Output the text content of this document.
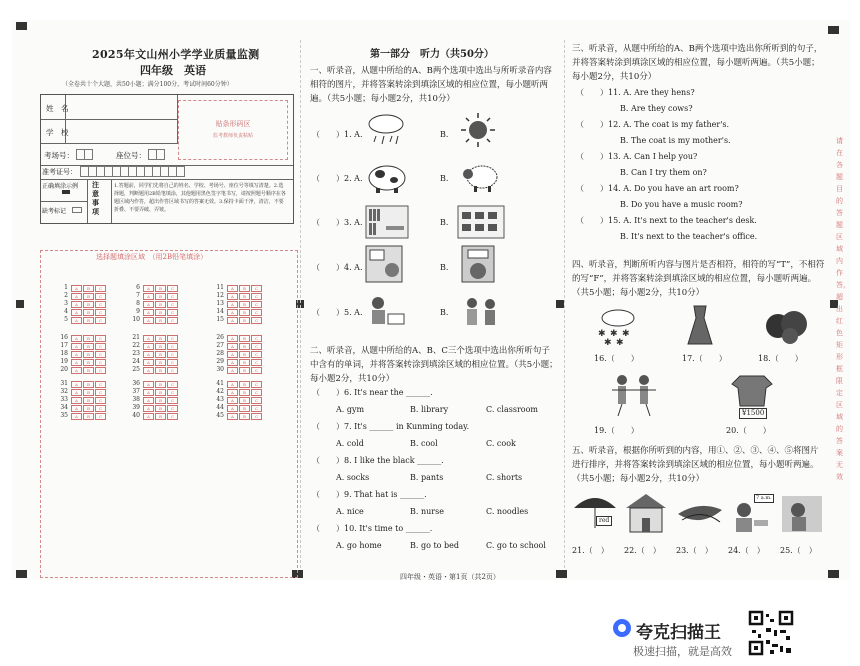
2025年文山州小学学业质量监测
四年级　英语
（全卷共十个大题，共50小题；满分100分，考试时间60分钟）
姓　名
学　校
考场号：	座位号：
准考证号：
正确填涂示例
缺考标记
注意事项
1.答题前，同学们先将自己的姓名、学校、考场号、座位号等填写清楚。2.选择题，判断题用2B铅笔填涂，其他题用黑色签字笔书写，请按照题号顺序在各题区域内作答，超出作答区域书写的答案无效。3.保持卡面干净，清洁，不要折叠、不要弄破、弄皱。
贴条形码区
监考教师负责粘贴
选择题填涂区域　（用2B铅笔填涂）
1	A	B	C
2	A	B	C
3	A	B	C
4	A	B	C
5	A	B	C
6	A	B	C
7	A	B	C
8	A	B	C
9	A	B	C
10	A	B	C
11	A	B	C
12	A	B	C
13	A	B	C
14	A	B	C
15	A	B	C
16	A	B	C
17	A	B	C
18	A	B	C
19	A	B	C
20	A	B	C
21	A	B	C
22	A	B	C
23	A	B	C
24	A	B	C
25	A	B	C
26	A	B	C
27	A	B	C
28	A	B	C
29	A	B	C
30	A	B	C
31	A	B	C
32	A	B	C
33	A	B	C
34	A	B	C
35	A	B	C
36	A	B	C
37	A	B	C
38	A	B	C
39	A	B	C
40	A	B	C
41	A	B	C
42	A	B	C
43	A	B	C
44	A	B	C
45	A	B	C
第一部分　听力（共50分）
一、听录音，从题中所给的A、B两个选项中选出与所听录音内容相符的图片，并将答案转涂到填涂区域的相应位置，每小题听两遍。（共5小题；每小题2分，共10分）
（　　）1. A.
（　　）2. A.
（　　）3. A.
（　　）4. A.
（　　）5. A.
B.
B.
B.
B.
B.
二、听录音，从题中所给的A、B、C三个选项中选出你所听句子中含有的单词，并将答案转涂到填涂区域的相应位置。（共5小题；每小题2分，共10分）
（　　）6. It's near the ______.
A. gym	B. library	C. classroom
（　　）7. It's ______ in Kunming today.
A. cold	B. cool	C. cook
（　　）8. I like the black ______.
A. socks	B. pants	C. shorts
（　　）9. That hat is ______.
A. nice	B. nurse	C. noodles
（　　）10. It's time to ______.
A. go home	B. go to bed	C. go to school
三、听录音，从题中所给的A、B两个选项中选出你所听到的句子，并将答案转涂到填涂区域的相应位置，每小题听两遍。（共5小题；每小题2分，共10分）
（　　）11. A. Are they hens?
B. Are they cows?
（　　）12. A. The coat is my father's.
B. The coat is my mother's.
（　　）13. A. Can I help you?
B. Can I try them on?
（　　）14. A. Do you have an art room?
B. Do you have a music room?
（　　）15. A. It's next to the teacher's desk.
B. It's next to the teacher's office.
四、听录音，判断所听内容与图片是否相符，相符的写“T”，不相符的写“F”，并将答案转涂到填涂区域的相应位置，每小题听两遍。（共5小题；每小题2分，共10分）
✱ ✱ ✱
✱ ✱
16.（　　）	17.（　　）	18.（　　）
¥1500
19.（　　）	20.（　　）
五、听录音，根据你所听到的内容，用①、②、③、④、⑤将图片进行排序，并将答案转涂到填涂区域的相应位置，每小题听两遍。（共5小题；每小题2分，共10分）
red
7 a.m.
21.（　） 22.（　） 23.（　） 24.（　） 25.（　）
四年级・英语・第1页（共2页）
请在各题目的答题区域内作答，超出红色矩形框限定区域的答案无效
夸克扫描王
极速扫描，就是高效
